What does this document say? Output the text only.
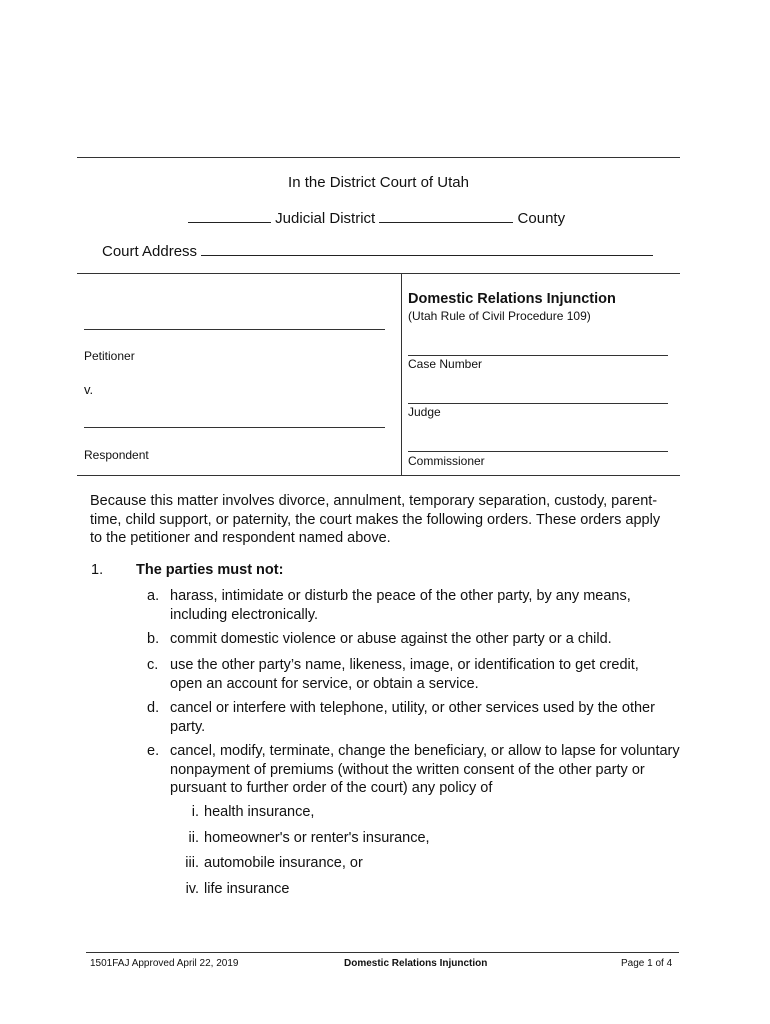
In the District Court of Utah
Judicial District	County
Court Address
Petitioner
v.
Respondent
Domestic Relations Injunction
(Utah Rule of Civil Procedure 109)
Case Number
Judge
Commissioner
Because this matter involves divorce, annulment, temporary separation, custody, parent-time, child support, or paternity, the court makes the following orders. These orders apply to the petitioner and respondent named above.
1. The parties must not:
a. harass, intimidate or disturb the peace of the other party, by any means, including electronically.
b. commit domestic violence or abuse against the other party or a child.
c. use the other party’s name, likeness, image, or identification to get credit, open an account for service, or obtain a service.
d. cancel or interfere with telephone, utility, or other services used by the other party.
e. cancel, modify, terminate, change the beneficiary, or allow to lapse for voluntary nonpayment of premiums (without the written consent of the other party or pursuant to further order of the court) any policy of
i. health insurance,
ii. homeowner's or renter's insurance,
iii. automobile insurance, or
iv. life insurance
1501FAJ Approved April 22, 2019	Domestic Relations Injunction	Page 1 of 4
